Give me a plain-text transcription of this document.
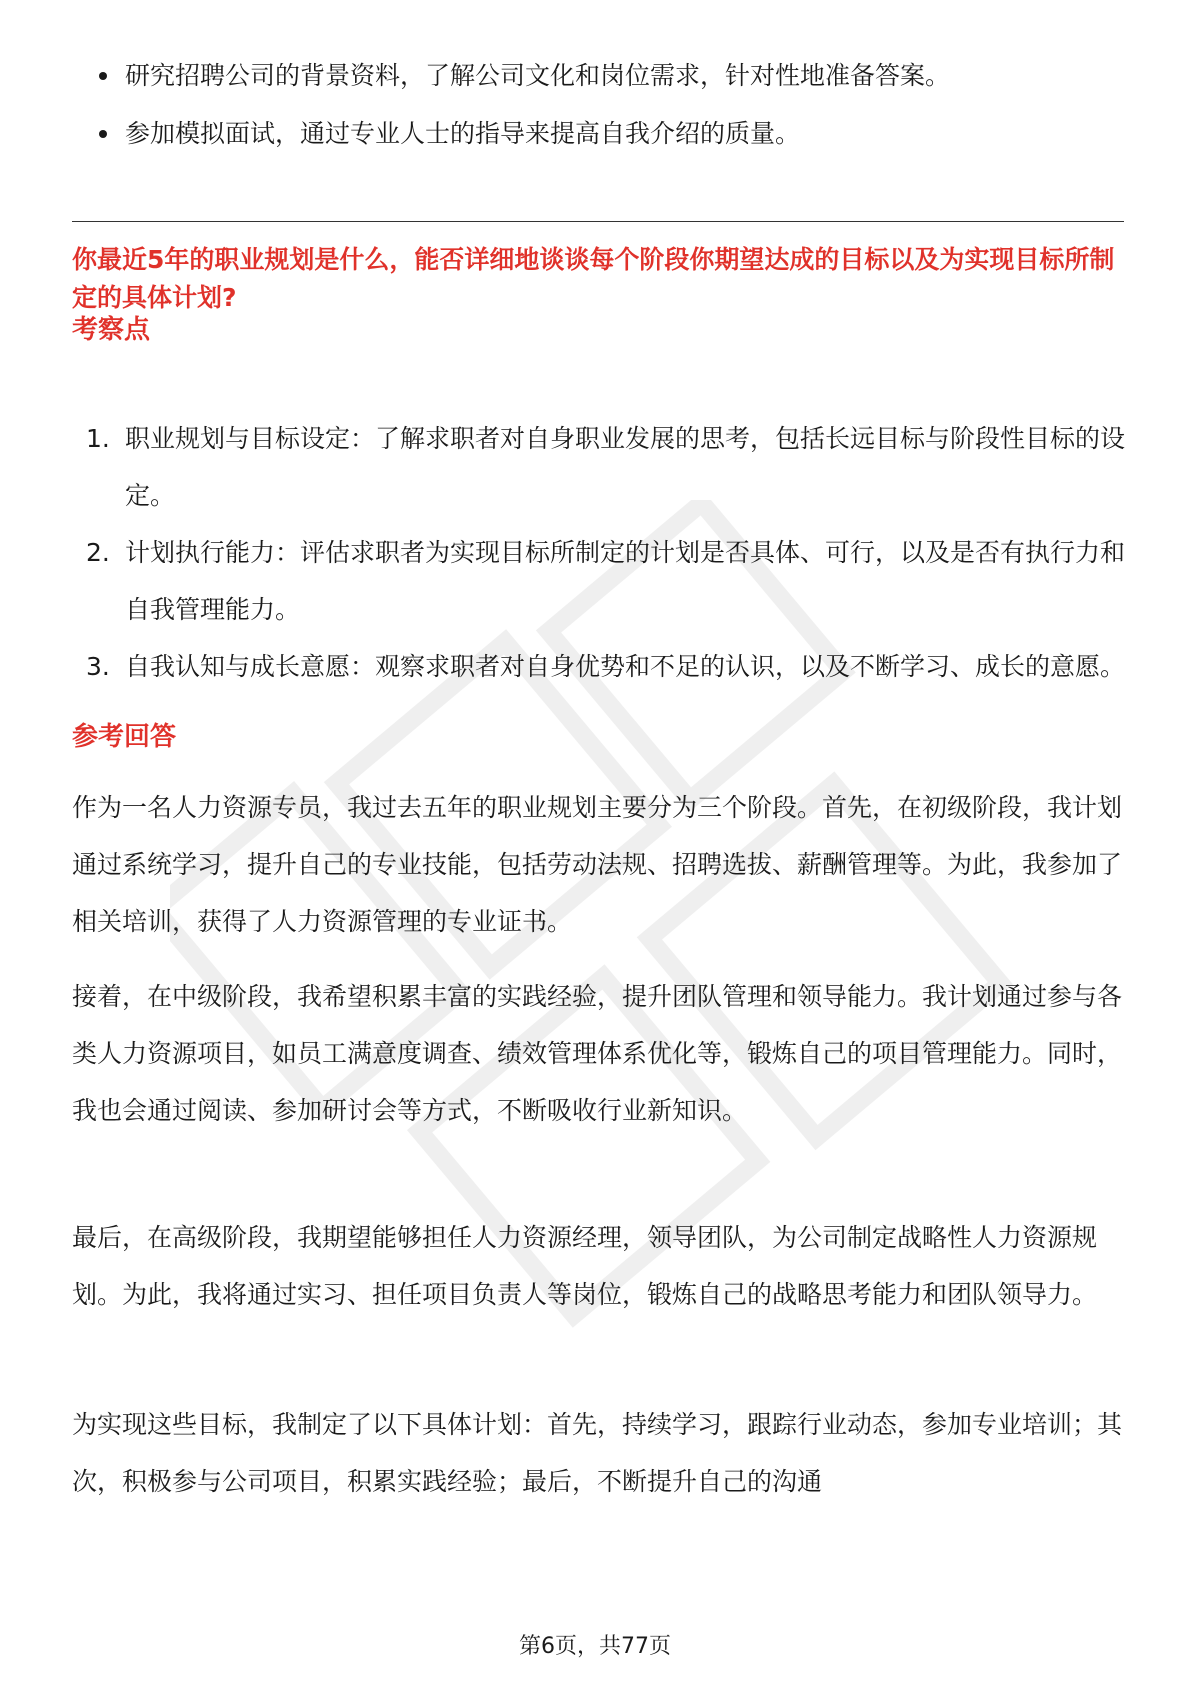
研究招聘公司的背景资料，了解公司文化和岗位需求，针对性地准备答案。
参加模拟面试，通过专业人士的指导来提高自我介绍的质量。
你最近5年的职业规划是什么，能否详细地谈谈每个阶段你期望达成的目标以及为实现目标所制定的具体计划?
考察点
1. 职业规划与目标设定：了解求职者对自身职业发展的思考，包括长远目标与阶段性目标的设定。
2. 计划执行能力：评估求职者为实现目标所制定的计划是否具体、可行，以及是否有执行力和自我管理能力。
3. 自我认知与成长意愿：观察求职者对自身优势和不足的认识，以及不断学习、成长的意愿。
参考回答
作为一名人力资源专员，我过去五年的职业规划主要分为三个阶段。首先，在初级阶段，我计划通过系统学习，提升自己的专业技能，包括劳动法规、招聘选拔、薪酬管理等。为此，我参加了相关培训，获得了人力资源管理的专业证书。
接着，在中级阶段，我希望积累丰富的实践经验，提升团队管理和领导能力。我计划通过参与各类人力资源项目，如员工满意度调查、绩效管理体系优化等，锻炼自己的项目管理能力。同时，我也会通过阅读、参加研讨会等方式，不断吸收行业新知识。
最后，在高级阶段，我期望能够担任人力资源经理，领导团队，为公司制定战略性人力资源规划。为此，我将通过实习、担任项目负责人等岗位，锻炼自己的战略思考能力和团队领导力。
为实现这些目标，我制定了以下具体计划：首先，持续学习，跟踪行业动态，参加专业培训；其次，积极参与公司项目，积累实践经验；最后，不断提升自己的沟通
第6页，共77页
